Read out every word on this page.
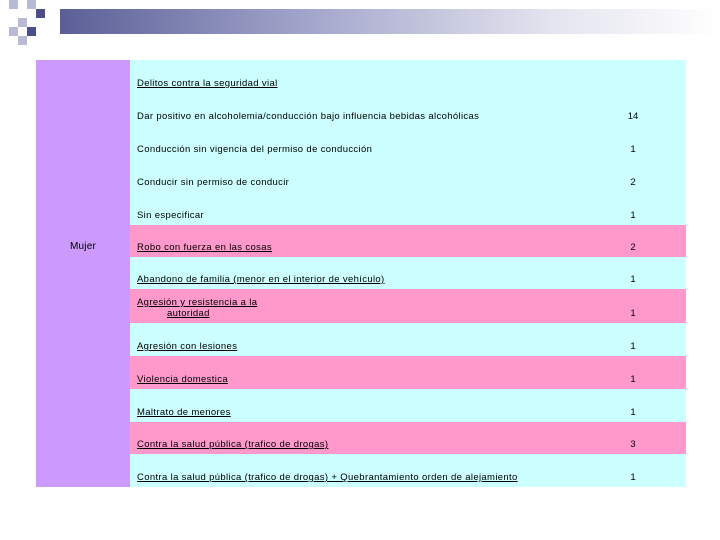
Mujer
Delitos contra la seguridad vial
Dar positivo en alcoholemia/conducción bajo influencia bebidas alcohólicas	14
Conducción sin vigencia del permiso de conducción	1
Conducir sin permiso de conducir	2
Sin especificar	1
Robo con fuerza en las cosas	2
Abandono de familia (menor en el interior de vehículo)	1
Agresión y resistencia a la
autoridad	1
Agresión con lesiones	1
Violencia domestica	1
Maltrato de menores	1
Contra la salud pública (trafico de drogas)	3
Contra la salud pública (trafico de drogas) + Quebrantamiento orden de alejamiento	1
